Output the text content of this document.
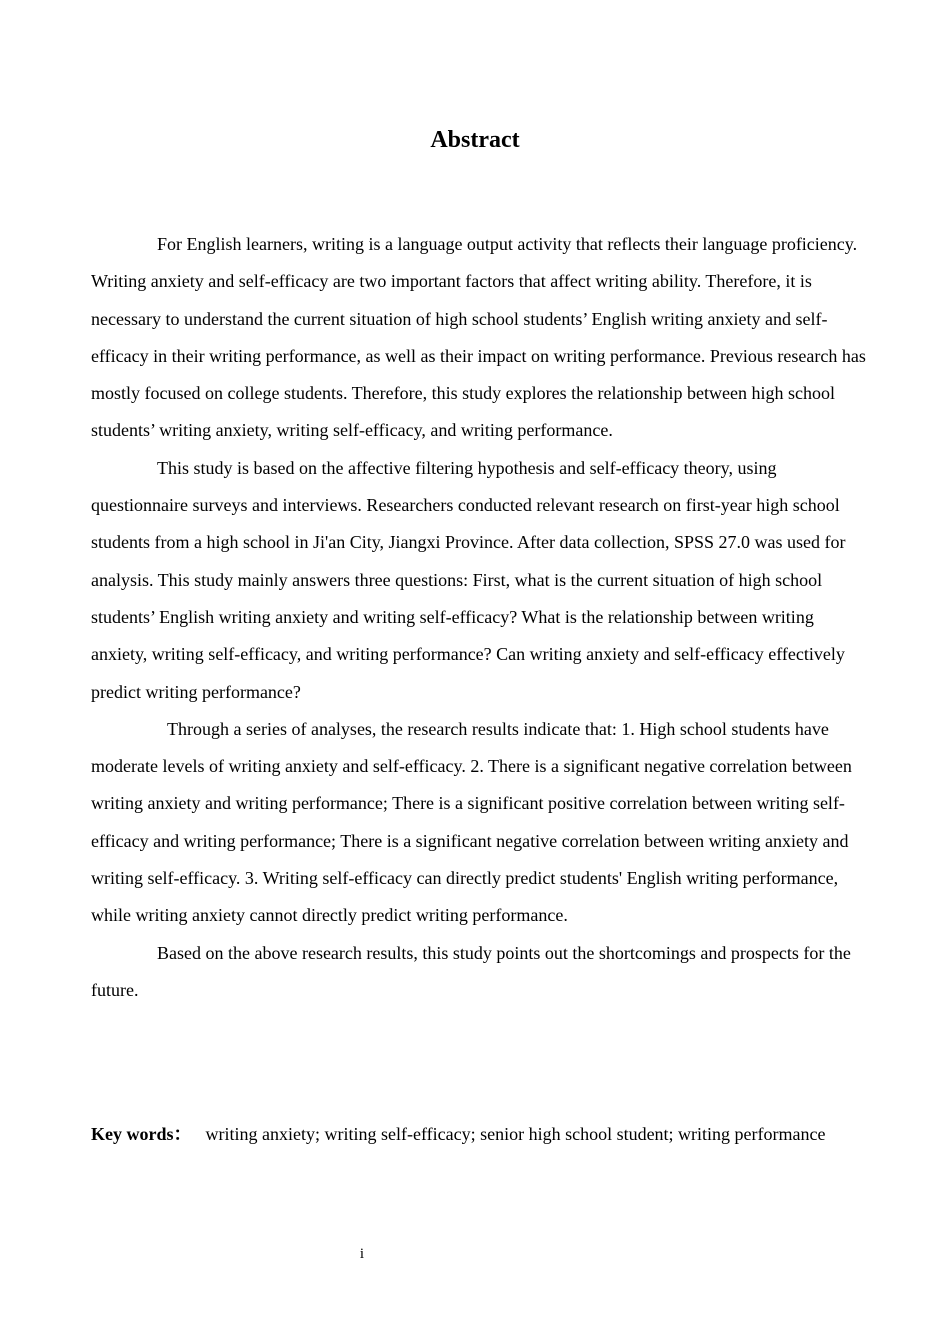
Abstract

For English learners, writing is a language output activity that reflects their language proficiency. Writing anxiety and self-efficacy are two important factors that affect writing ability. Therefore, it is necessary to understand the current situation of high school students’ English writing anxiety and self-efficacy in their writing performance, as well as their impact on writing performance. Previous research has mostly focused on college students. Therefore, this study explores the relationship between high school students’ writing anxiety, writing self-efficacy, and writing performance.

This study is based on the affective filtering hypothesis and self-efficacy theory, using questionnaire surveys and interviews. Researchers conducted relevant research on first-year high school students from a high school in Ji'an City, Jiangxi Province. After data collection, SPSS 27.0 was used for analysis. This study mainly answers three questions: First, what is the current situation of high school students’ English writing anxiety and writing self-efficacy? What is the relationship between writing anxiety, writing self-efficacy, and writing performance? Can writing anxiety and self-efficacy effectively predict writing performance?

Through a series of analyses, the research results indicate that: 1. High school students have moderate levels of writing anxiety and self-efficacy. 2. There is a significant negative correlation between writing anxiety and writing performance; There is a significant positive correlation between writing self-efficacy and writing performance; There is a significant negative correlation between writing anxiety and writing self-efficacy. 3. Writing self-efficacy can directly predict students' English writing performance, while writing anxiety cannot directly predict writing performance.

Based on the above research results, this study points out the shortcomings and prospects for the future.

Key words： writing anxiety; writing self-efficacy; senior high school student; writing performance
i
